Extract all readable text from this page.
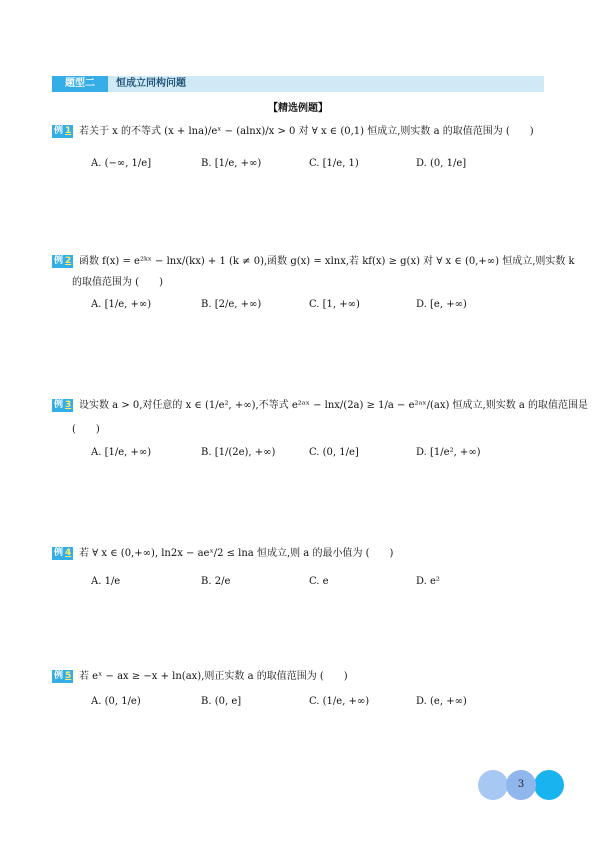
题型二	恒成立同构问题
【精选例题】
例 1 若关于 x 的不等式 (x + lna)/eˣ − (alnx)/x > 0 对 ∀ x ∈ (0,1) 恒成立,则实数 a 的取值范围为 (　　)
A. (−∞, 1/e]	B. [1/e, +∞)	C. [1/e, 1)	D. (0, 1/e]
例 2 函数 f(x) = e²ᵏˣ − lnx/(kx) + 1 (k ≠ 0),函数 g(x) = xlnx,若 kf(x) ≥ g(x) 对 ∀ x ∈ (0,+∞) 恒成立,则实数 k
的取值范围为 (　　)
A. [1/e, +∞)	B. [2/e, +∞)	C. [1, +∞)	D. [e, +∞)
例 3 设实数 a > 0,对任意的 x ∈ (1/e², +∞),不等式 e²ᵃˣ − lnx/(2a) ≥ 1/a − e²ᵃˣ/(ax) 恒成立,则实数 a 的取值范围是
(　　)
A. [1/e, +∞)	B. [1/(2e), +∞)	C. (0, 1/e]	D. [1/e², +∞)
例 4 若 ∀ x ∈ (0,+∞), ln2x − aeˣ/2 ≤ lna 恒成立,则 a 的最小值为 (　　)
A. 1/e	B. 2/e	C. e	D. e²
例 5 若 eˣ − ax ≥ −x + ln(ax),则正实数 a 的取值范围为 (　　)
A. (0, 1/e)	B. (0, e]	C. (1/e, +∞)	D. (e, +∞)
3
